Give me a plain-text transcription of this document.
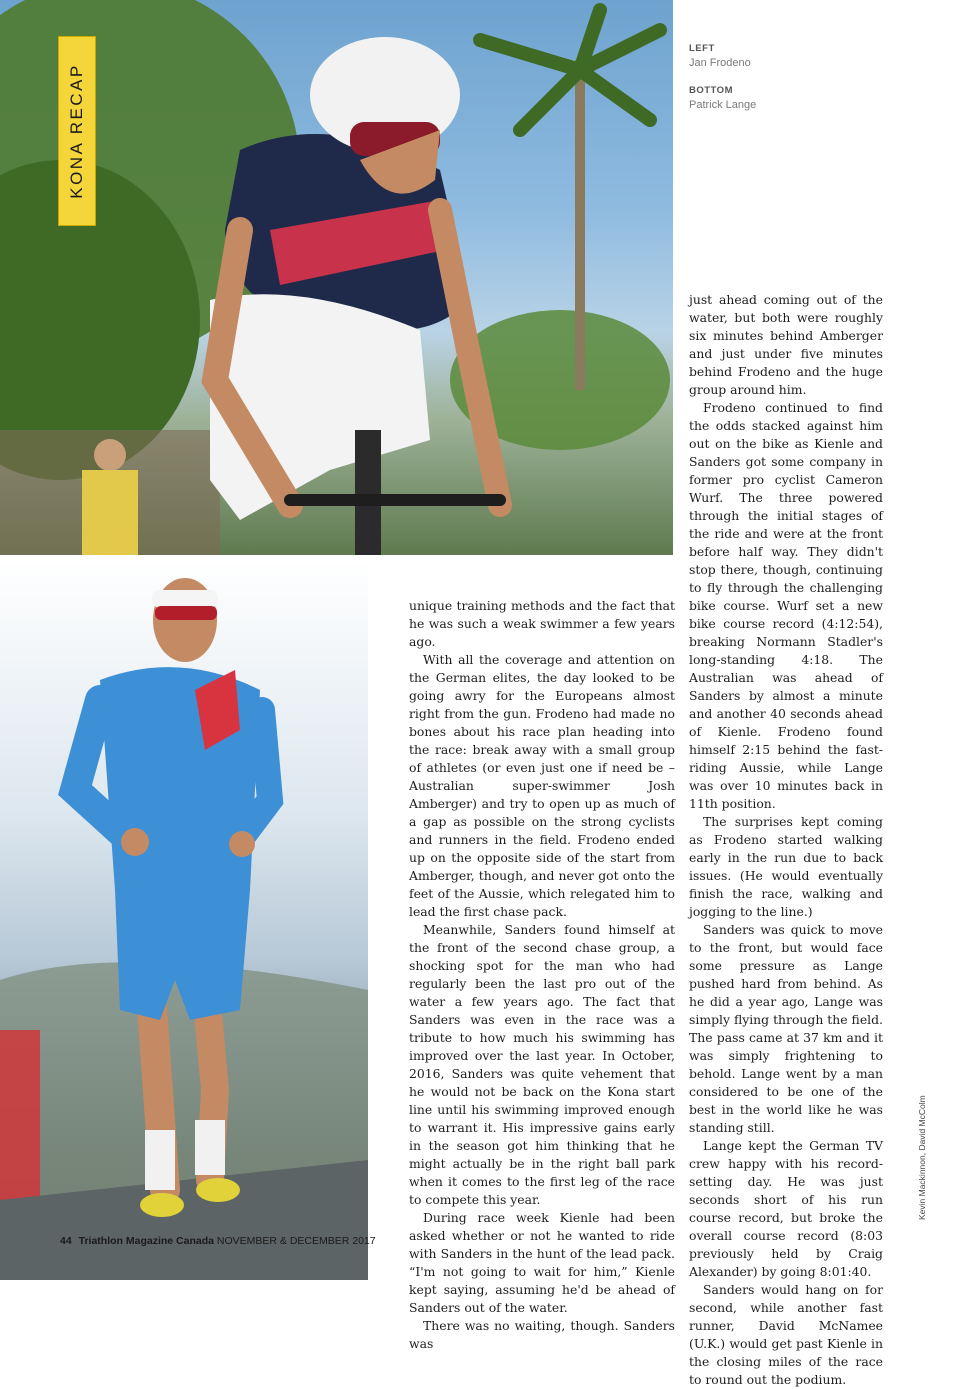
KONA RECAP
LEFT
Jan Frodeno
BOTTOM
Patrick Lange

unique training methods and the fact that he was such a weak swimmer a few years ago.

With all the coverage and attention on the German elites, the day looked to be going awry for the Europeans almost right from the gun. Frodeno had made no bones about his race plan heading into the race: break away with a small group of athletes (or even just one if need be – Australian super-swimmer Josh Amberger) and try to open up as much of a gap as possible on the strong cyclists and runners in the field. Frodeno ended up on the opposite side of the start from Amberger, though, and never got onto the feet of the Aussie, which relegated him to lead the first chase pack.

Meanwhile, Sanders found himself at the front of the second chase group, a shocking spot for the man who had regularly been the last pro out of the water a few years ago. The fact that Sanders was even in the race was a tribute to how much his swimming has improved over the last year. In October, 2016, Sanders was quite vehement that he would not be back on the Kona start line until his swimming improved enough to warrant it. His impressive gains early in the season got him thinking that he might actually be in the right ball park when it comes to the first leg of the race to compete this year.

During race week Kienle had been asked whether or not he wanted to ride with Sanders in the hunt of the lead pack. “I'm not going to wait for him,” Kienle kept saying, assuming he'd be ahead of Sanders out of the water.

There was no waiting, though. Sanders was

just ahead coming out of the water, but both were roughly six minutes behind Amberger and just under five minutes behind Frodeno and the huge group around him.

Frodeno continued to find the odds stacked against him out on the bike as Kienle and Sanders got some company in former pro cyclist Cameron Wurf. The three powered through the initial stages of the ride and were at the front before half way. They didn't stop there, though, continuing to fly through the challenging bike course. Wurf set a new bike course record (4:12:54), breaking Normann Stadler's long-standing 4:18. The Australian was ahead of Sanders by almost a minute and another 40 seconds ahead of Kienle. Frodeno found himself 2:15 behind the fast-riding Aussie, while Lange was over 10 minutes back in 11th position.

The surprises kept coming as Frodeno started walking early in the run due to back issues. (He would eventually finish the race, walking and jogging to the line.)

Sanders was quick to move to the front, but would face some pressure as Lange pushed hard from behind. As he did a year ago, Lange was simply flying through the field. The pass came at 37 km and it was simply frightening to behold. Lange went by a man considered to be one of the best in the world like he was standing still.

Lange kept the German TV crew happy with his record-setting day. He was just seconds short of his run course record, but broke the overall course record (8:03 previously held by Craig Alexander) by going 8:01:40.

Sanders would hang on for second, while another fast runner, David McNamee (U.K.) would get past Kienle in the closing miles of the race to round out the podium.

44 Triathlon Magazine Canada NOVEMBER & DECEMBER 2017
Kevin Mackinnon, David McColm
